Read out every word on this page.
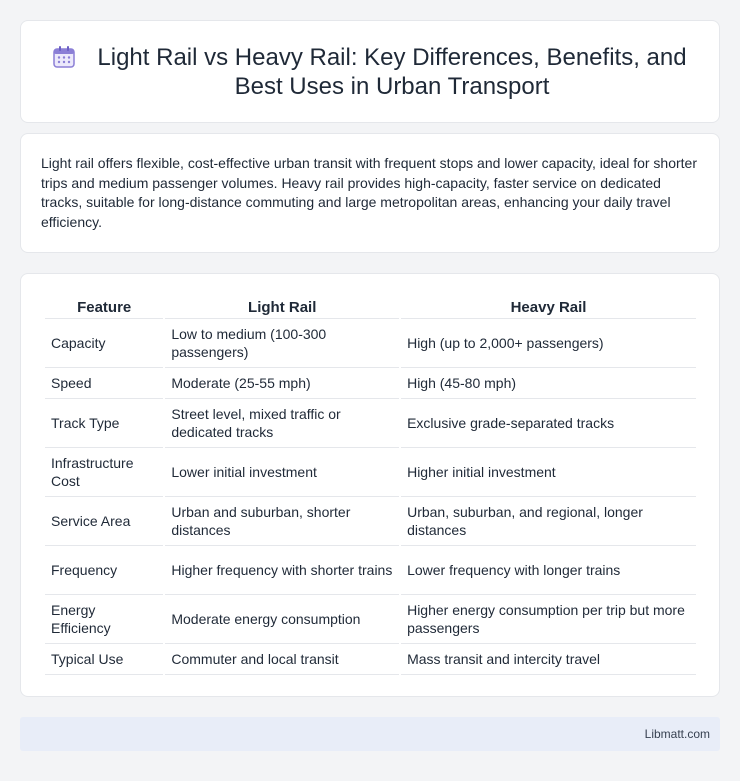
Light Rail vs Heavy Rail: Key Differences, Benefits, and Best Uses in Urban Transport

Light rail offers flexible, cost-effective urban transit with frequent stops and lower capacity, ideal for shorter trips and medium passenger volumes. Heavy rail provides high-capacity, faster service on dedicated tracks, suitable for long-distance commuting and large metropolitan areas, enhancing your daily travel efficiency.

Feature	Light Rail	Heavy Rail
Capacity	Low to medium (100-300 passengers)	High (up to 2,000+ passengers)
Speed	Moderate (25-55 mph)	High (45-80 mph)
Track Type	Street level, mixed traffic or dedicated tracks	Exclusive grade-separated tracks
Infrastructure Cost	Lower initial investment	Higher initial investment
Service Area	Urban and suburban, shorter distances	Urban, suburban, and regional, longer distances
Frequency	Higher frequency with shorter trains	Lower frequency with longer trains
Energy Efficiency	Moderate energy consumption	Higher energy consumption per trip but more passengers
Typical Use	Commuter and local transit	Mass transit and intercity travel
Libmatt.com
